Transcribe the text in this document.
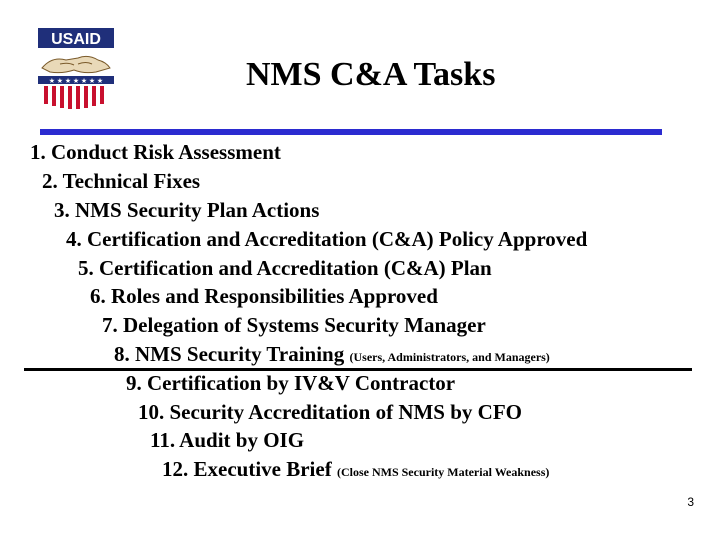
USAID
★ ★ ★ ★ ★ ★ ★	NMS C&A Tasks
1. Conduct Risk Assessment
2. Technical Fixes
3. NMS Security Plan Actions
4. Certification and Accreditation (C&A) Policy Approved
5. Certification and Accreditation (C&A) Plan
6. Roles and Responsibilities Approved
7. Delegation of Systems Security Manager
8. NMS Security Training (Users, Administrators, and Managers)
9. Certification by IV&V Contractor
10. Security Accreditation of NMS by CFO
11. Audit by OIG
12. Executive Brief (Close NMS Security Material Weakness)
3
